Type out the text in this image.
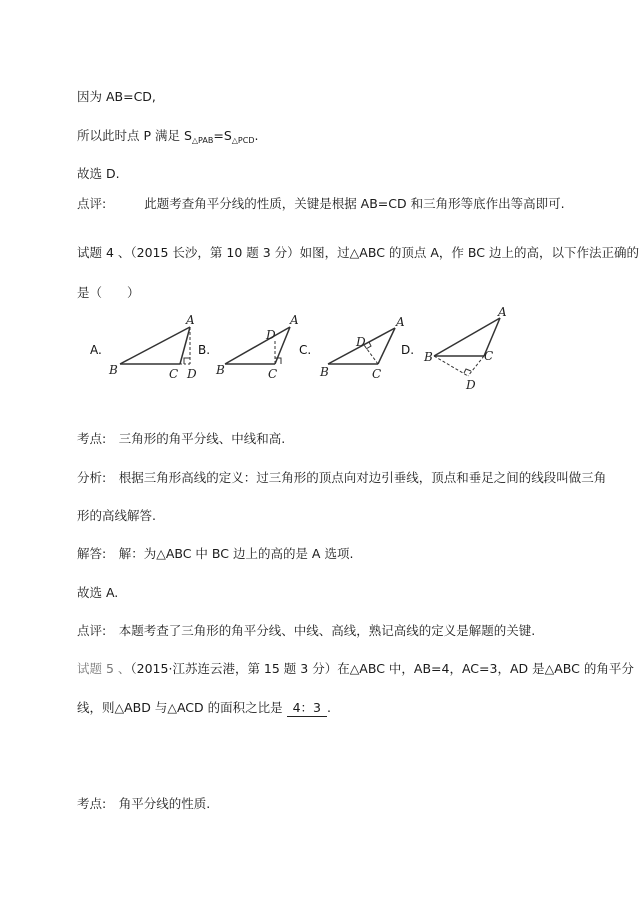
因为 AB=CD,
所以此时点 P 满足 $S_{\triangle PAB}=S_{\triangle PCD}$.
故选 D.
点评:	此题考查角平分线的性质，关键是根据 AB=CD 和三角形等底作出等高即可.
试题 4 、（2015 长沙，第 10 题 3 分）如图，过△ABC 的顶点 A，作 BC 边上的高，以下作法正确的
是（　　）
A.
B	C
A
D
B.
B	C
A
D
C.
B	C
A
D
D. B	C
A
D
考点:　三角形的角平分线、中线和高.
分析:　根据三角形高线的定义：过三角形的顶点向对边引垂线，顶点和垂足之间的线段叫做三角
形的高线解答.
解答:　解：为△ABC 中 BC 边上的高的是 A 选项.
故选 A.
点评:　本题考查了三角形的角平分线、中线、高线，熟记高线的定义是解题的关键.
试题 5 、（2015·江苏连云港，第 15 题 3 分）在△ABC 中，AB=4，AC=3，AD 是△ABC 的角平分
线，则△ABD 与△ACD 的面积之比是 4：3 .
考点:　角平分线的性质.
